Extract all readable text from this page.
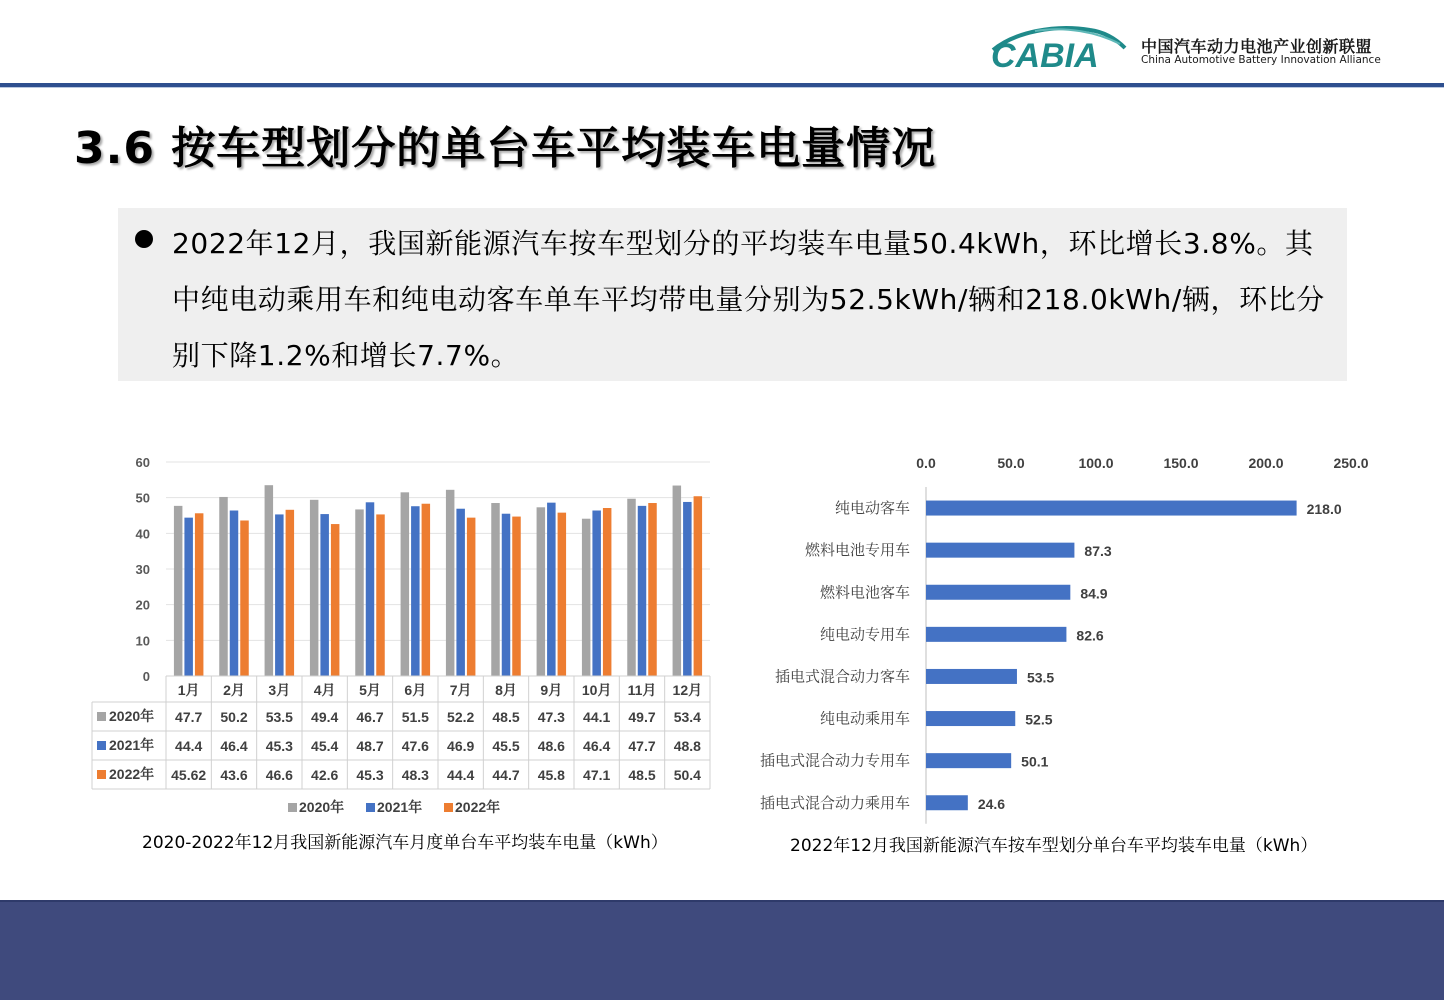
CABIA	中国汽车动力电池产业创新联盟
China Automotive Battery Innovation Alliance
3.6 按车型划分的单台车平均装车电量情况
2022年12月，我国新能源汽车按车型划分的平均装车电量50.4kWh，环比增长3.8%。其中纯电动乘用车和纯电动客车单车平均带电量分别为52.5kWh/辆和218.0kWh/辆，环比分别下降1.2%和增长7.7%。
0
10
20
30
40
50
60
1月 2月 3月 4月 5月 6月 7月 8月 9月 10月 11月 12月
2020年 47.7 50.2 53.5 49.4 46.7 51.5 52.2 48.5 47.3 44.1 49.7 53.4
2021年 44.4 46.4 45.3 45.4 48.7 47.6 46.9 45.5 48.6 46.4 47.7 48.8
2022年 45.62 43.6 46.6 42.6 45.3 48.3 44.4 44.7 45.8 47.1 48.5 50.4
2020年 2021年 2022年
2020-2022年12月我国新能源汽车月度单台车平均装车电量（kWh）
0.0	50.0	100.0	150.0	200.0	250.0
纯电动客车	218.0
燃料电池专用车	87.3
燃料电池客车	84.9
纯电动专用车	82.6
插电式混合动力客车	53.5
纯电动乘用车	52.5
插电式混合动力专用车	50.1
插电式混合动力乘用车	24.6
2022年12月我国新能源汽车按车型划分单台车平均装车电量（kWh）
